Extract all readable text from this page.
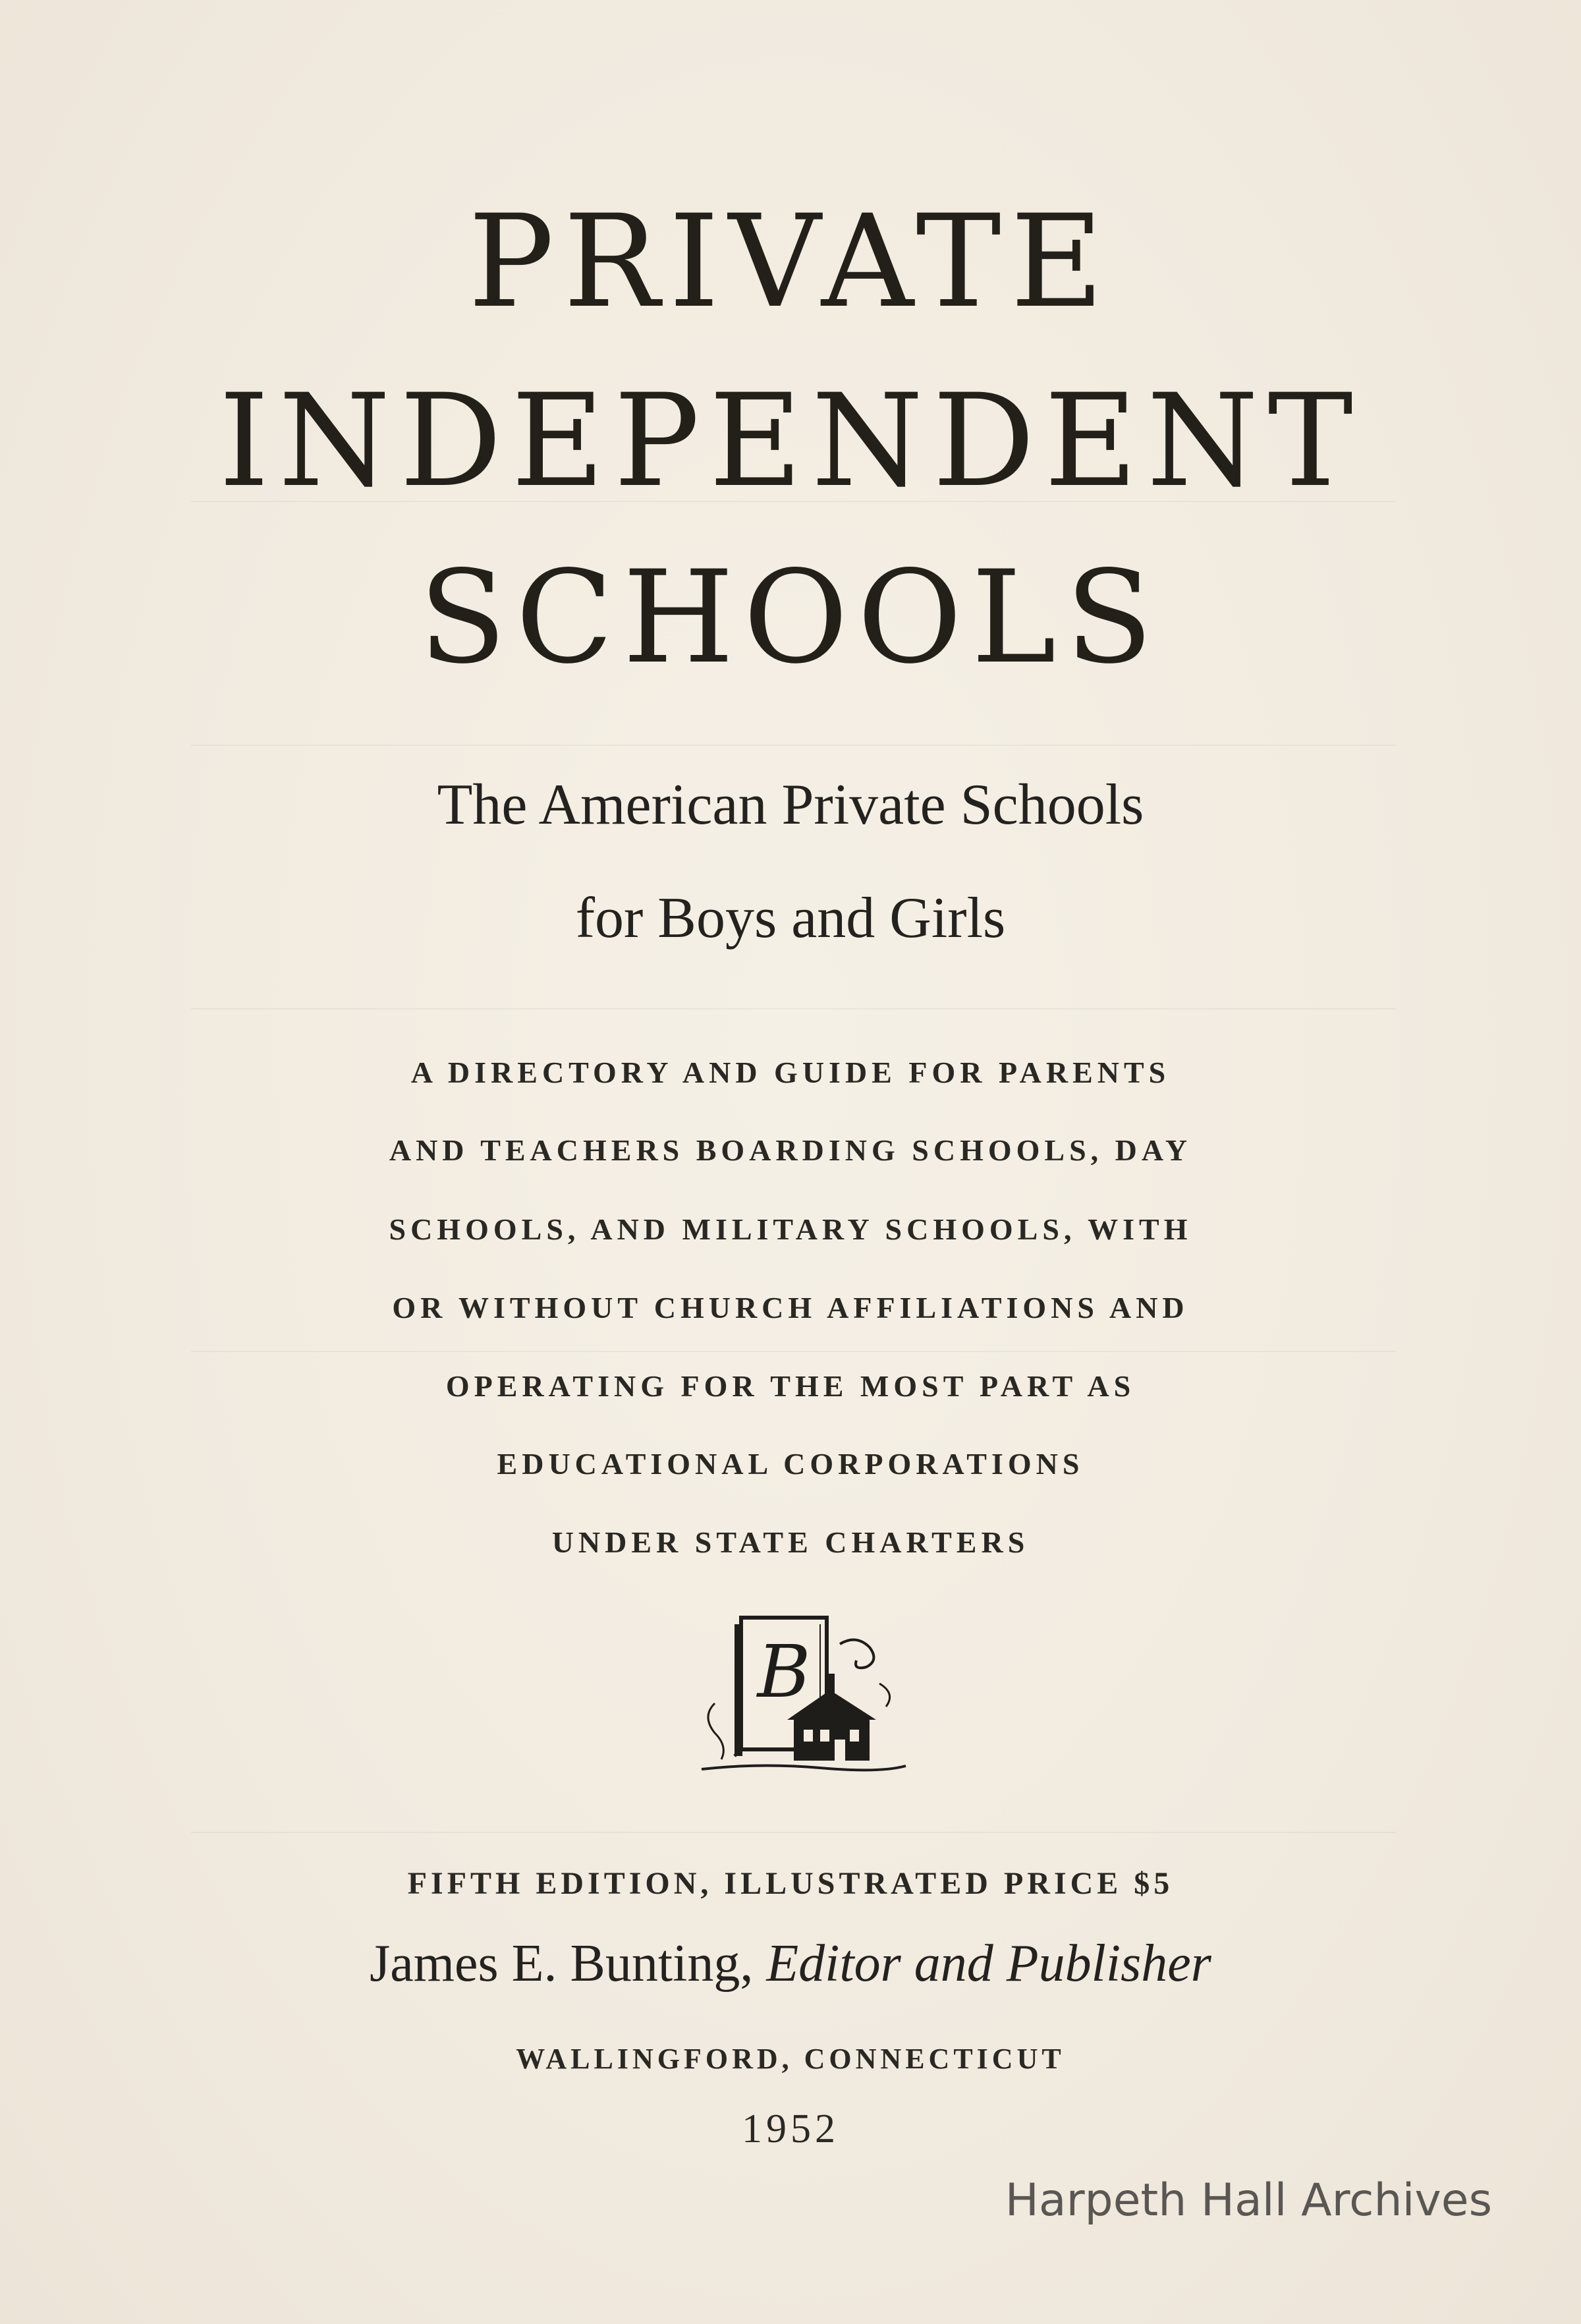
PRIVATE
INDEPENDENT
SCHOOLS
The American Private Schools
for Boys and Girls
A DIRECTORY AND GUIDE FOR PARENTS
AND TEACHERS BOARDING SCHOOLS, DAY
SCHOOLS, AND MILITARY SCHOOLS, WITH
OR WITHOUT CHURCH AFFILIATIONS AND
OPERATING FOR THE MOST PART AS
EDUCATIONAL CORPORATIONS
UNDER STATE CHARTERS
B
FIFTH EDITION, ILLUSTRATED PRICE $5
James E. Bunting, Editor and Publisher
WALLINGFORD, CONNECTICUT
1952
Harpeth Hall Archives
